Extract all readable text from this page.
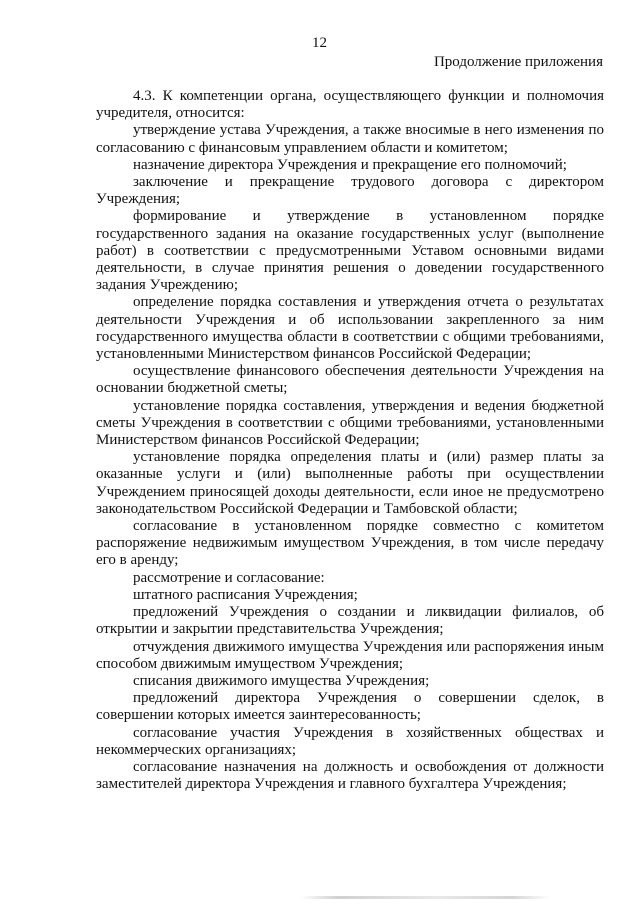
12
Продолжение приложения

4.3. К компетенции органа, осуществляющего функции и полномочия учредителя, относится:

утверждение устава Учреждения, а также вносимые в него изменения по согласованию с финансовым управлением области и комитетом;

назначение директора Учреждения и прекращение его полномочий;

заключение и прекращение трудового договора с директором Учреждения;

формирование и утверждение в установленном порядке государственного задания на оказание государственных услуг (выполнение работ) в соответствии с предусмотренными Уставом основными видами деятельности, в случае принятия решения о доведении государственного задания Учреждению;

определение порядка составления и утверждения отчета о результатах деятельности Учреждения и об использовании закрепленного за ним государственного имущества области в соответствии с общими требованиями, установленными Министерством финансов Российской Федерации;

осуществление финансового обеспечения деятельности Учреждения на основании бюджетной сметы;

установление порядка составления, утверждения и ведения бюджетной сметы Учреждения в соответствии с общими требованиями, установленными Министерством финансов Российской Федерации;

установление порядка определения платы и (или) размер платы за оказанные услуги и (или) выполненные работы при осуществлении Учреждением приносящей доходы деятельности, если иное не предусмотрено законодательством Российской Федерации и Тамбовской области;

согласование в установленном порядке совместно с комитетом распоряжение недвижимым имуществом Учреждения, в том числе передачу его в аренду;

рассмотрение и согласование:

штатного расписания Учреждения;

предложений Учреждения о создании и ликвидации филиалов, об открытии и закрытии представительства Учреждения;

отчуждения движимого имущества Учреждения или распоряжения иным способом движимым имуществом Учреждения;

списания движимого имущества Учреждения;

предложений директора Учреждения о совершении сделок, в совершении которых имеется заинтересованность;

согласование участия Учреждения в хозяйственных обществах и некоммерческих организациях;

согласование назначения на должность и освобождения от должности заместителей директора Учреждения и главного бухгалтера Учреждения;
